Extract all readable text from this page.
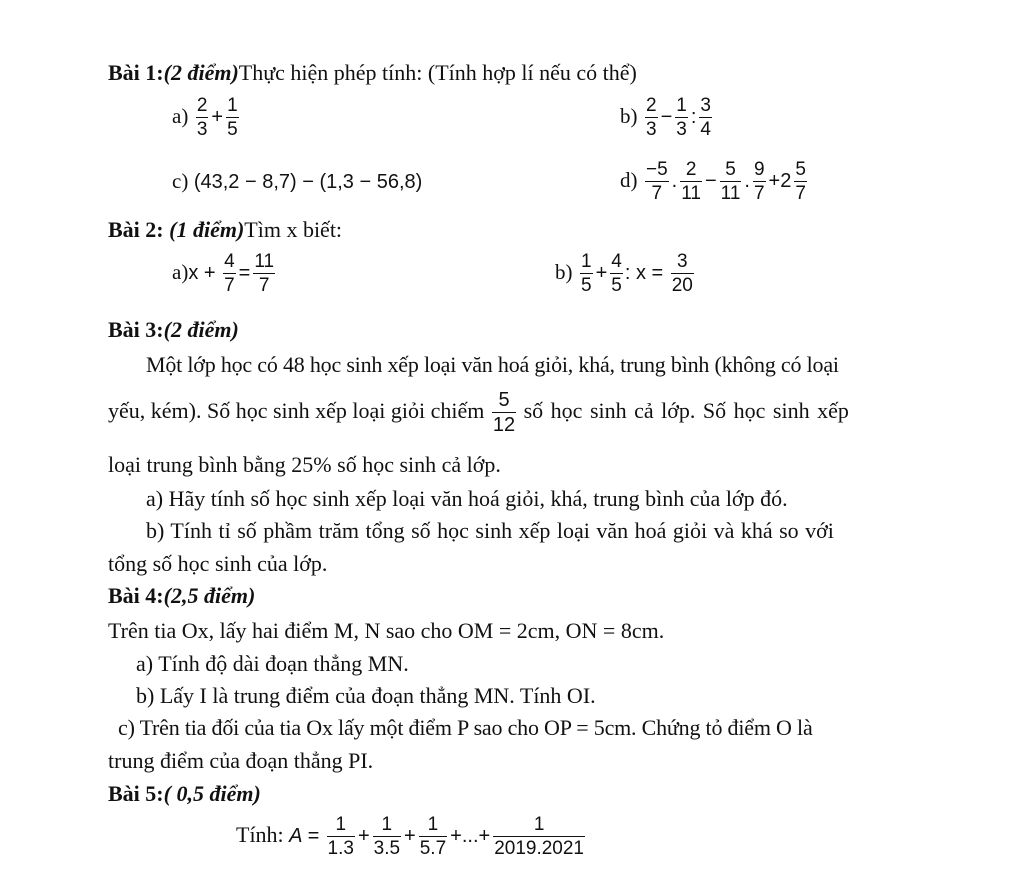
Bài 1:(2 điểm)Thực hiện phép tính: (Tính hợp lí nếu có thể)
$a) \frac{2}{3} + \frac{1}{5}$	$b) \frac{2}{3} - \frac{1}{3}$ : $\frac{3}{4}$
c) (43,2 − 8,7) − (1,3 − 56,8)	$d) \frac{-5}{7}$ . $\frac{2}{11} - \frac{5}{11}$ . $\frac{9}{7} +2 \frac{5}{7}$
Bài 2: (1 điểm)Tìm x biết:
$a)x + \frac{4}{7} = \frac{11}{7}$	$b) \frac{1}{5} + \frac{4}{5}$ : $x = \frac{3}{20}$
Bài 3:(2 điểm)
Một lớp học có 48 học sinh xếp loại văn hoá giỏi, khá, trung bình (không có loại
yếu, kém). Số học sinh xếp loại giỏi chiếm $\frac{5}{12}$ số học sinh cả lớp. Số học sinh xếp
loại trung bình bằng 25% số học sinh cả lớp.
a) Hãy tính số học sinh xếp loại văn hoá giỏi, khá, trung bình của lớp đó.
b) Tính tỉ số phầm trăm tổng số học sinh xếp loại văn hoá giỏi và khá so với
tổng số học sinh của lớp.
Bài 4:(2,5 điểm)
Trên tia Ox, lấy hai điểm M, N sao cho OM = 2cm, ON = 8cm.
a) Tính độ dài đoạn thẳng MN.
b) Lấy I là trung điểm của đoạn thẳng MN. Tính OI.
c) Trên tia đối của tia Ox lấy một điểm P sao cho OP = 5cm. Chứng tỏ điểm O là
trung điểm của đoạn thẳng PI.
Bài 5:( 0,5 điểm)
Tính: $A = \frac{1}{1.3} + \frac{1}{3.5} + \frac{1}{5.7}$ +...+ $\frac{1}{2019.2021}$
